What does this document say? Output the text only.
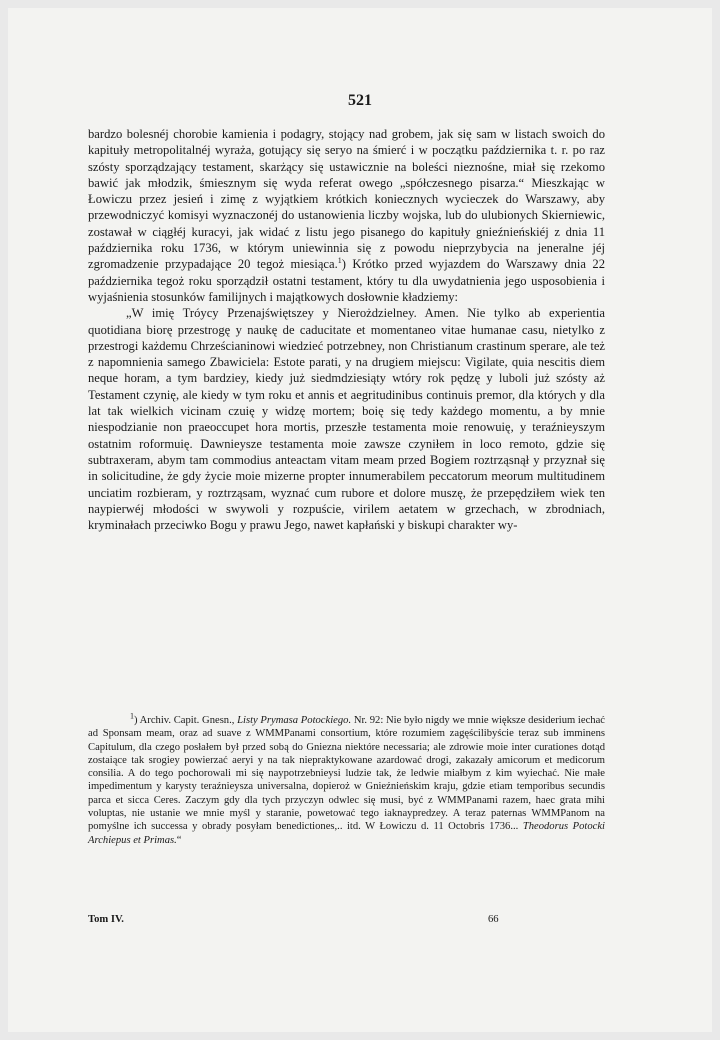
521

bardzo bolesnéj chorobie kamienia i podagry, stojący nad grobem, jak się sam w listach swoich do kapituły metropolitalnéj wyraża, gotujący się seryo na śmierć i w początku października t. r. po raz szósty sporządzający testament, skarżący się ustawicznie na boleści nieznośne, miał się rzekomo bawić jak młodzik, śmiesznym się wyda referat owego „spółczesnego pisarza.“ Mieszkając w Łowiczu przez jesień i zimę z wyjątkiem krótkich koniecznych wycieczek do Warszawy, aby przewodniczyć komisyi wyznaczonéj do ustanowienia liczby wojska, lub do ulubionych Skierniewic, zostawał w ciągłéj kuracyi, jak widać z listu jego pisanego do kapituły gnieźnieńskiéj z dnia 11 października roku 1736, w którym uniewinnia się z powodu nieprzybycia na jeneralne jéj zgromadzenie przypadające 20 tegoż miesiąca.$^1$) Krótko przed wyjazdem do Warszawy dnia 22 października tegoż roku sporządził ostatni testament, który tu dla uwydatnienia jego usposobienia i wyjaśnienia stosunków familijnych i majątkowych dosłownie kładziemy:

„W imię Tróycy Przenajświętszey y Nierożdzielney. Amen. Nie tylko ab experientia quotidiana biorę przestrogę y naukę de caducitate et momentaneo vitae humanae casu, nietylko z przestrogi każdemu Chrześcianinowi wiedzieć potrzebney, non Christianum crastinum sperare, ale też z napomnienia samego Zbawiciela: Estote parati, y na drugiem miejscu: Vigilate, quia nescitis diem neque horam, a tym bardziey, kiedy już siedmdziesiąty wtóry rok pędzę y luboli już szósty aż Testament czynię, ale kiedy w tym roku et annis et aegritudinibus continuis premor, dla których y dla lat tak wielkich vicinam czuię y widzę mortem; boię się tedy każdego momentu, a by mnie niespodzianie non praeoccupet hora mortis, przeszłe testamenta moie renowuię, y teraźnieyszym ostatnim roformuię. Dawnieysze testamenta moie zawsze czyniłem in loco remoto, gdzie się subtraxeram, abym tam commodius anteactam vitam meam przed Bogiem roztrząsnął y przyznał się in solicitudine, że gdy życie moie mizerne propter innumerabilem peccatorum meorum multitudinem unciatim rozbieram, y roztrząsam, wyznać cum rubore et dolore muszę, że przepędziłem wiek ten naypierwéj młodości w swywoli y rozpuście, virilem aetatem w grzechach, w zbrodniach, kryminałach przeciwko Bogu y prawu Jego, nawet kapłański y biskupi charakter wy-

$^1$) Archiv. Capit. Gnesn., Listy Prymasa Potockiego. Nr. 92: Nie było nigdy we mnie większe desiderium iechać ad Sponsam meam, oraz ad suave z WMMPanami consortium, które rozumiem zagęścilibyście teraz sub imminens Capitulum, dla czego posłałem był przed sobą do Gniezna niektóre necessaria; ale zdrowie moie inter curationes dotąd zostaiące tak srogiey powierzać aeryi y na tak niepraktykowane azardować drogi, zakazały amicorum et medicorum consilia. A do tego pochorowali mi się naypotrzebnieysi ludzie tak, że ledwie miałbym z kim wyiechać. Nie małe impedimentum y karysty teraźnieysza universalna, dopieroż w Gnieźnieńskim kraju, gdzie etiam temporibus secundis parca et sicca Ceres. Zaczym gdy dla tych przyczyn odwlec się musi, być z WMMPanami razem, haec grata mihi voluptas, nie ustanie we mnie myśl y staranie, powetować tego iaknaypredzey. A teraz paternas WMMPanom na pomyślne ich successa y obrady posyłam benedictiones,.. itd. W Łowiczu d. 11 Octobris 1736... Theodorus Potocki Archiepus et Primas.“

Tom IV.	66
